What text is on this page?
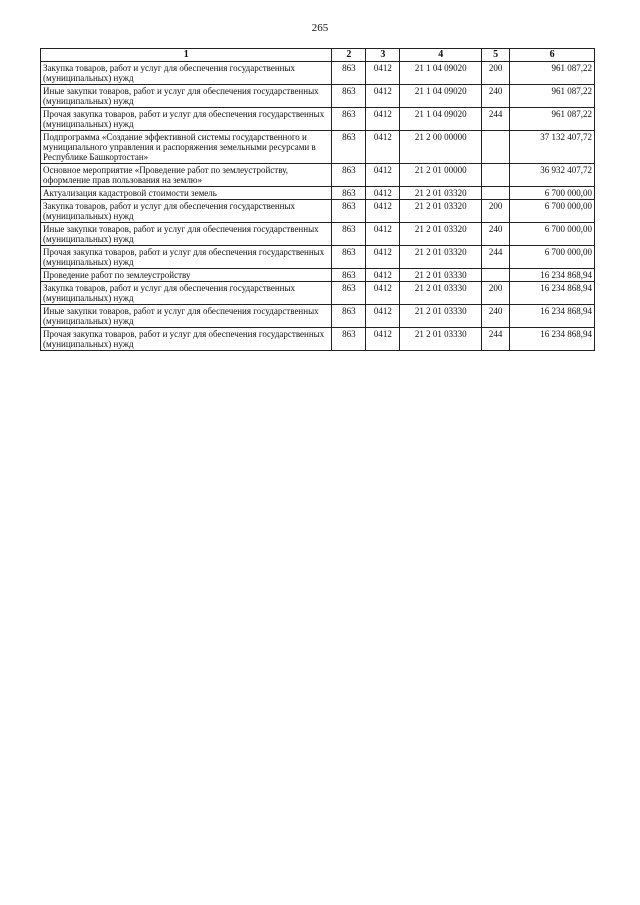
265
1	2	3	4	5	6
Закупка товаров, работ и услуг для обеспечения государственных (муниципальных) нужд	863	0412	21 1 04 09020	200	961 087,22
Иные закупки товаров, работ и услуг для обеспечения государственных (муниципальных) нужд	863	0412	21 1 04 09020	240	961 087,22
Прочая закупка товаров, работ и услуг для обеспечения государственных (муниципальных) нужд	863	0412	21 1 04 09020	244	961 087,22
Подпрограмма «Создание эффективной системы государственного и муниципального управления и распоряжения земельными ресурсами в Республике Башкортостан»	863	0412	21 2 00 00000		37 132 407,72
Основное мероприятие «Проведение работ по землеустройству, оформление прав пользования на землю»	863	0412	21 2 01 00000		36 932 407,72
Актуализация кадастровой стоимости земель	863	0412	21 2 01 03320		6 700 000,00
Закупка товаров, работ и услуг для обеспечения государственных (муниципальных) нужд	863	0412	21 2 01 03320	200	6 700 000,00
Иные закупки товаров, работ и услуг для обеспечения государственных (муниципальных) нужд	863	0412	21 2 01 03320	240	6 700 000,00
Прочая закупка товаров, работ и услуг для обеспечения государственных (муниципальных) нужд	863	0412	21 2 01 03320	244	6 700 000,00
Проведение работ по землеустройству	863	0412	21 2 01 03330		16 234 868,94
Закупка товаров, работ и услуг для обеспечения государственных (муниципальных) нужд	863	0412	21 2 01 03330	200	16 234 868,94
Иные закупки товаров, работ и услуг для обеспечения государственных (муниципальных) нужд	863	0412	21 2 01 03330	240	16 234 868,94
Прочая закупка товаров, работ и услуг для обеспечения государственных (муниципальных) нужд	863	0412	21 2 01 03330	244	16 234 868,94
